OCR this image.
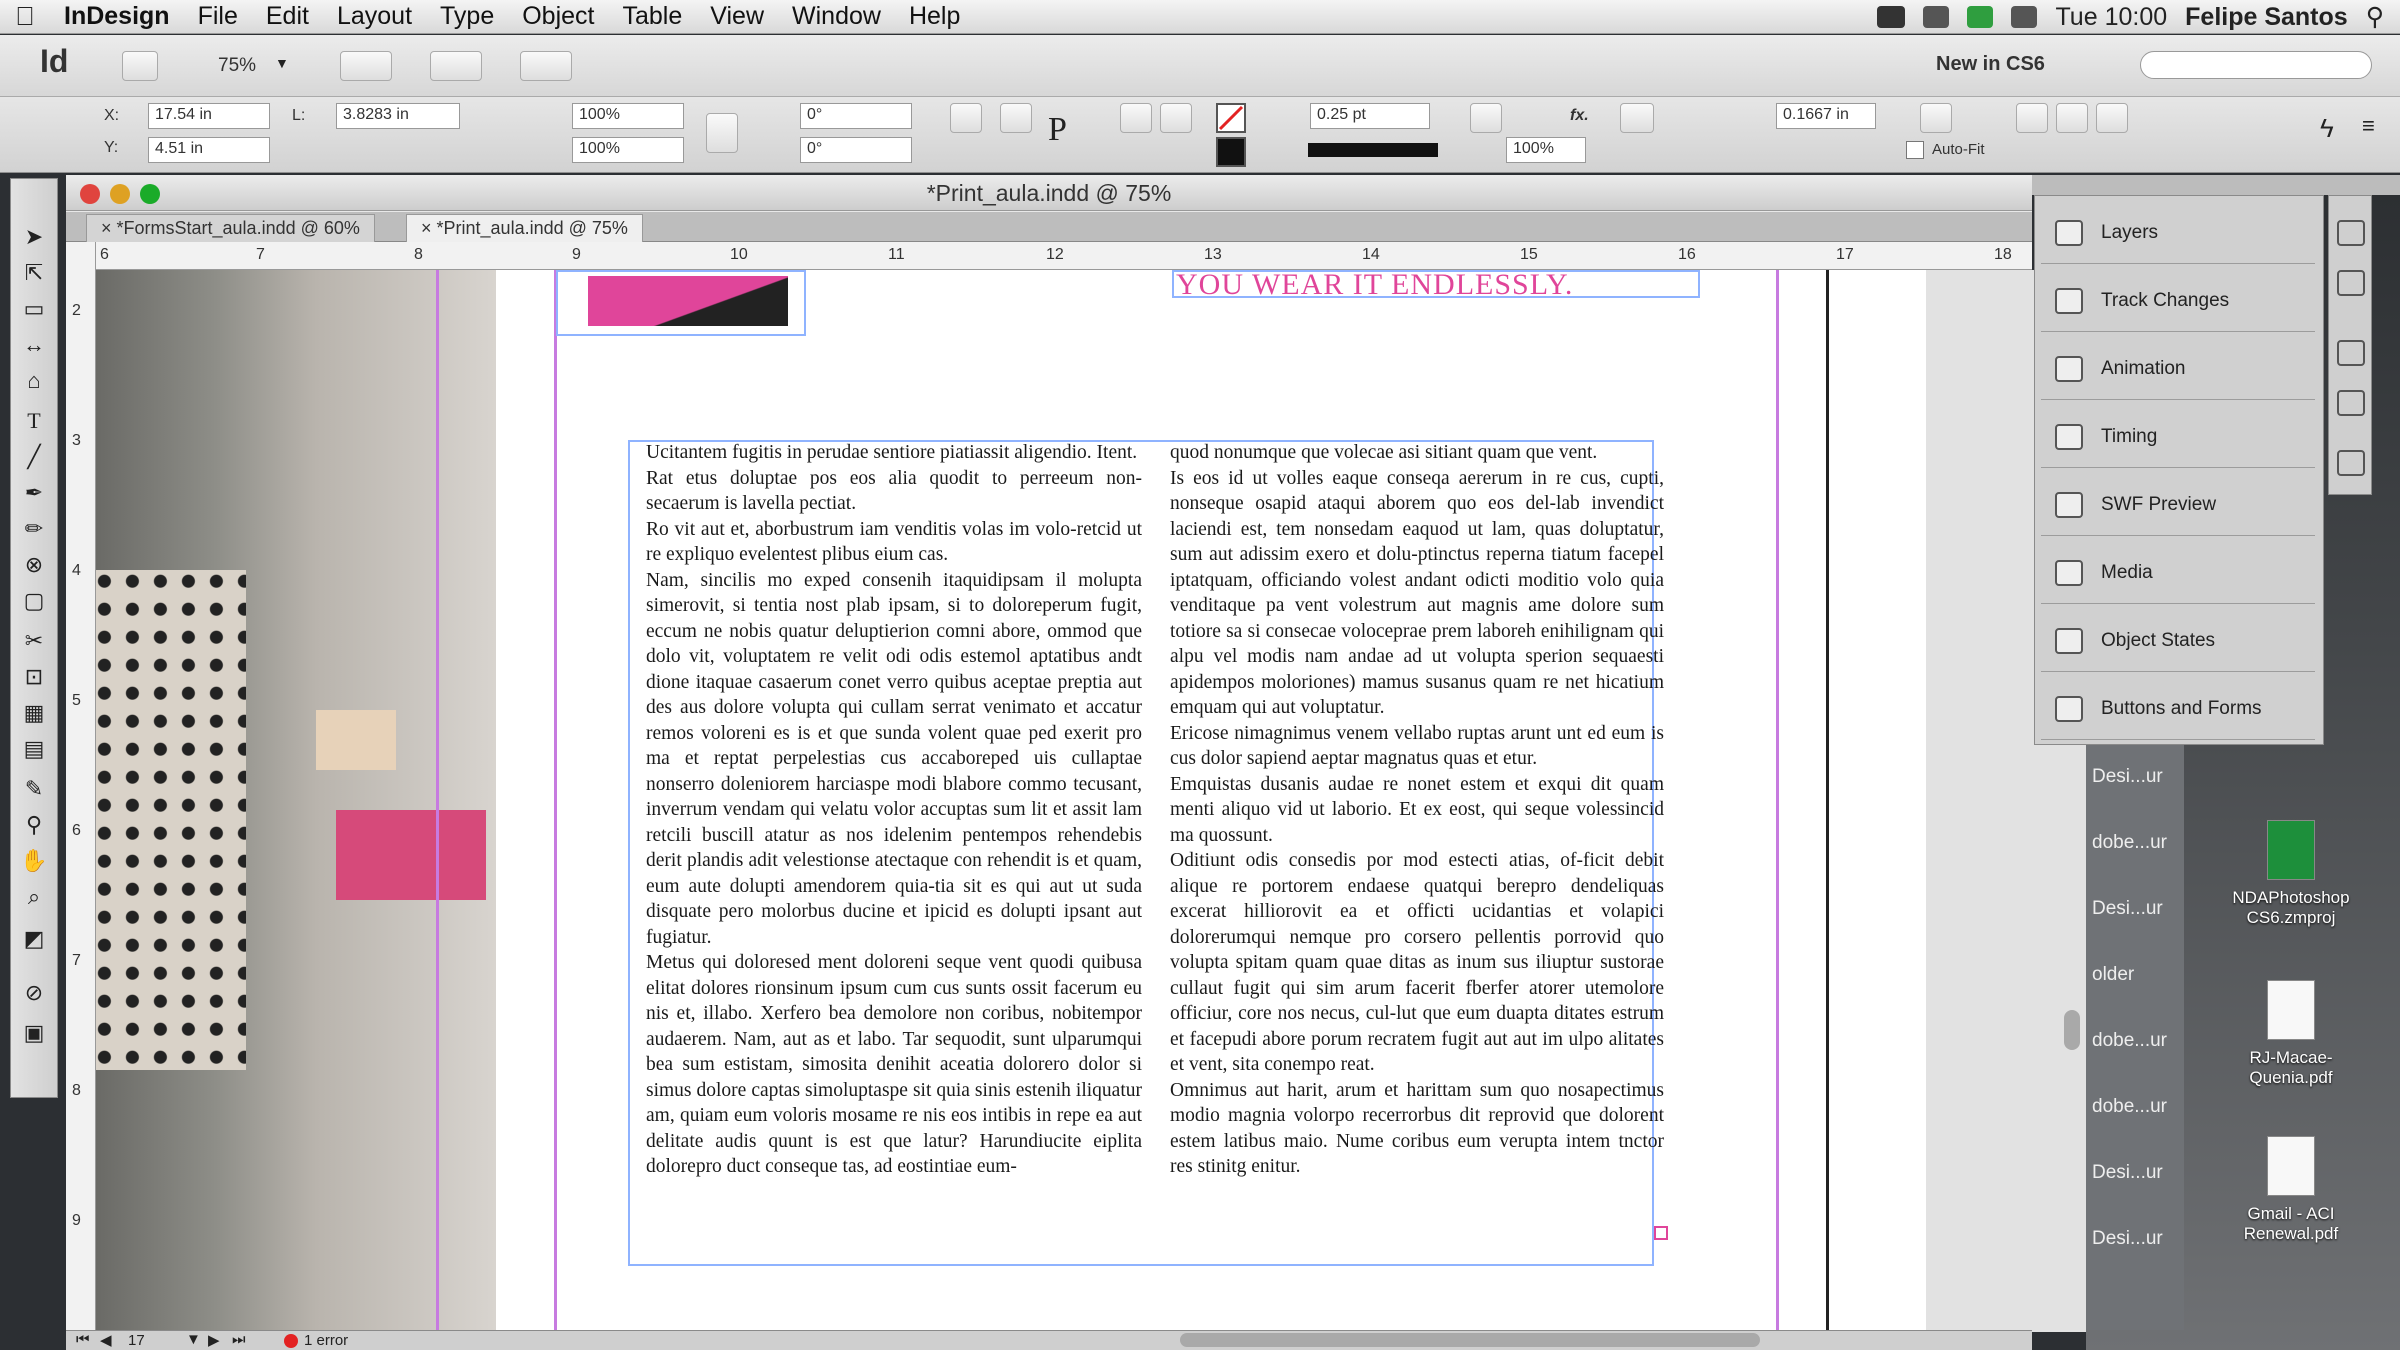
InDesign	File	Edit	Layout	Type	Object	Table	View	Window	Help	Tue 10:00 Felipe Santos ⚲
Id	75% ▼	New in CS6
X:	17.54 in
Y:	4.51 in
L:	3.8283 in	100%
100%
0°
0°
P	0.25 pt	fx.
100%
0.1667 in
Auto-Fit
ϟ ≡
➤
⇱
▭
↔
⌂
T
╱
✒
✏
⊗
▢
✂
⊡
▦
▤
✎
⚲
✋
⌕
◩
⊘
▣
*Print_aula.indd @ 75%
× *FormsStart_aula.indd @ 60%	× *Print_aula.indd @ 75%
6	7	8	9	10	11	12	13	14	15	16	17	18
2
3
4
5
6
7
8
9
YOU WEAR IT ENDLESSLY.
Ucitantem fugitis in perudae sentiore piatiassit aligendio. Itent.
Rat etus doluptae pos eos alia quodit to perreeum non-secaerum is lavella pectiat.
Ro vit aut et, aborbustrum iam venditis volas im volo-retcid ut re expliquo evelentest plibus eium cas.
Nam, sincilis mo exped consenih itaquidipsam il molupta simerovit, si tentia nost plab ipsam, si to doloreperum fugit, eccum ne nobis quatur deluptierion comni abore, ommod que dolo vit, voluptatem re velit odi odis estemol aptatibus andt dione itaquae casaerum conet verro quibus aceptae preptia aut des aus dolore volupta qui cullam serrat venimato et accatur remos voloreni es is et que sunda volent quae ped exerit pro ma et reptat perpelestias cus accaboreped uis cullaptae nonserro doleniorem harciaspe modi blabore commo tecusant, inverrum vendam qui velatu volor accuptas sum lit et assit lam retcili buscill atatur as nos idelenim pentempos rehendebis derit plandis adit velestionse atectaque con rehendit is et quam, eum aute dolupti amendorem quia-tia sit es qui aut ut suda disquate pero molorbus ducine et ipicid es dolupti ipsant aut fugiatur.
Metus qui doloresed ment doloreni seque vent quodi quibusa elitat dolores rionsinum ipsum cum cus sunts ossit facerum eu nis et, illabo. Xerfero bea demolore non coribus, nobitempor audaerem. Nam, aut as et labo. Tar sequodit, sunt ulparumqui bea sum estistam, simosita denihit aceatia dolorero dolor si simus dolore captas simoluptaspe sit quia sinis estenih iliquatur am, quiam eum voloris mosame re nis eos intibis in repe ea aut delitate audis quunt is est que latur? Harundiucite eiplita dolorepro duct conseque tas, ad eostintiae eum-
quod nonumque que volecae asi sitiant quam que vent.
Is eos id ut volles eaque conseqa aererum in re cus, cupti, nonseque osapid ataqui aborem quo eos del-lab invendict laciendi est, tem nonsedam eaquod ut lam, quas doluptatur, sum aut adissim exero et dolu-ptinctus reperna tiatum facepel iptatquam, officiando volest andant odicti moditio volo quia venditaque pa vent volestrum aut magnis ame dolore sum totiore sa si consecae voloceprae prem laboreh enihilignam qui alpu vel modis nam andae ad ut volupta sperion sequaesti apidempos moloriones) mamus susanus quam re net hicatium emquam qui aut voluptatur.
Ericose nimagnimus venem vellabo ruptas arunt unt ed eum is cus dolor sapiend aeptar magnatus quas et etur.
Emquistas dusanis audae re nonet estem et exqui dit quam menti aliquo vid ut laborio. Et ex eost, qui seque volessincid ma quossunt.
Oditiunt odis consedis por mod estecti atias, of-ficit debit alique re portorem endaese quatqui berepro dendeliquas excerat hilliorovit ea et officti ucidantias et volapici dolorerumqui nemque pro corsero pellentis porrovid quo volupta spitam quam quae ditas as inum sus iliuptur sustorae cullaut fugit qui sim arum facerit fberfer atorer utemolore officiur, core nos necus, cul-lut que eum duapta ditates estrum et facepudi abore porum recratem fugit aut aut im ulpo alitates et vent, sita conempo reat.
Omnimus aut harit, arum et harittam sum quo nosapectimus modio magnia volorpo recerrorbus dit reprovid que dolorent estem latibus maio. Nume coribus eum verupta intem tnctor res stinitg enitur.
⏮ ◀ 17	▼ ▶ ⏭	1 error
Desi...ur
dobe...ur
Desi...ur
older
dobe...ur
dobe...ur
Desi...ur
Desi...ur
NDAPhotoshop CS6.zmproj
RJ-Macae-Quenia.pdf
Gmail - ACI Renewal.pdf
Layers
Track Changes
Animation
Timing
SWF Preview
Media
Object States
Buttons and Forms
